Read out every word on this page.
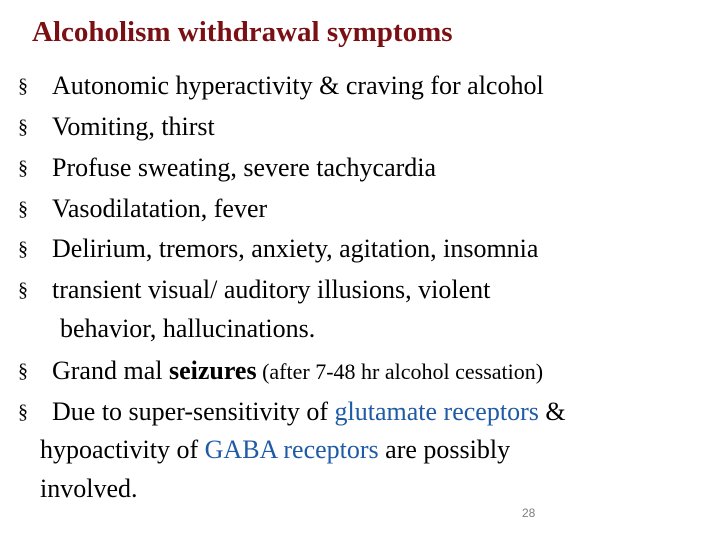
Alcoholism withdrawal symptoms
§ Autonomic hyperactivity & craving for alcohol
§ Vomiting, thirst
§ Profuse sweating, severe tachycardia
§ Vasodilatation, fever
§ Delirium, tremors, anxiety, agitation, insomnia
§ transient visual/ auditory illusions, violent
behavior, hallucinations.
§ Grand mal seizures (after 7-48 hr alcohol cessation)
§ Due to super-sensitivity of glutamate receptors &
hypoactivity of GABA receptors are possibly
involved.
28
